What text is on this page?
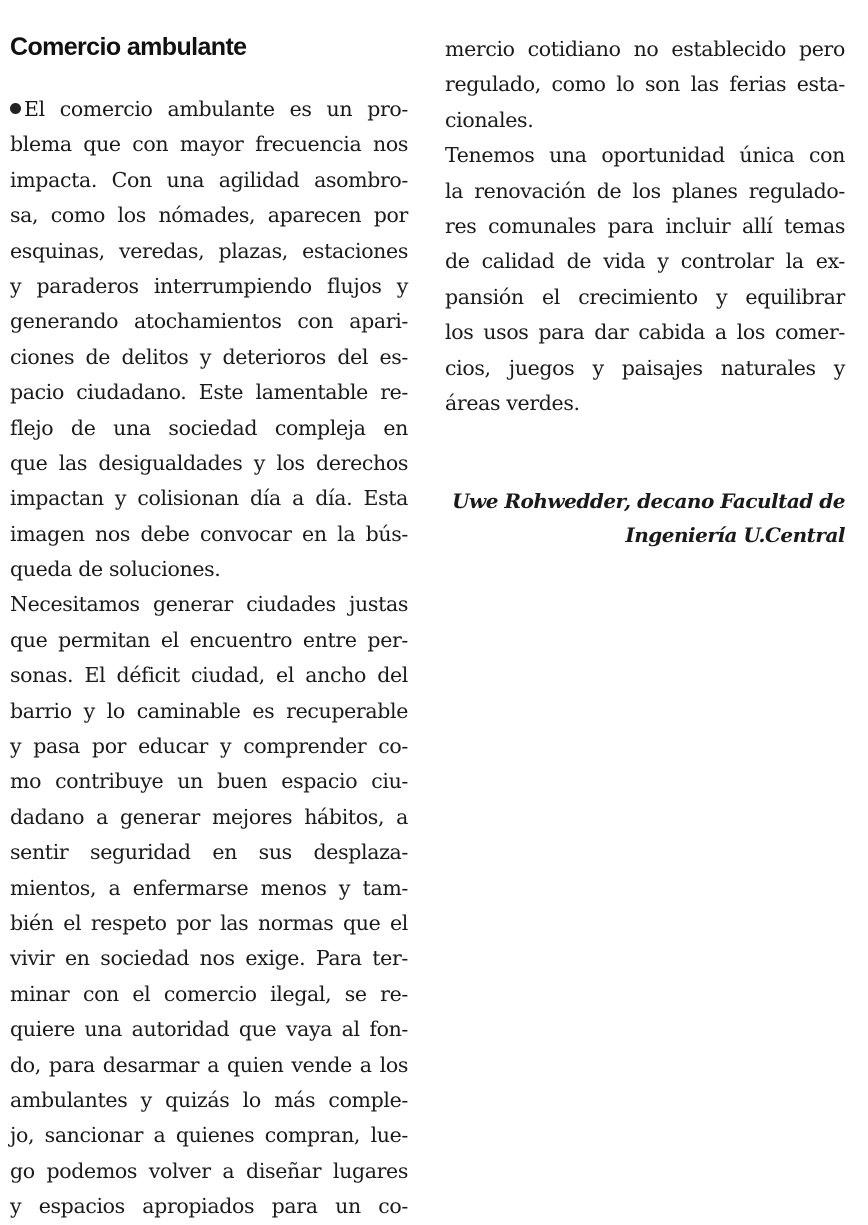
Comercio ambulante
El comercio ambulante es un pro-
blema que con mayor frecuencia nos
impacta. Con una agilidad asombro-
sa, como los nómades, aparecen por
esquinas, veredas, plazas, estaciones
y paraderos interrumpiendo flujos y
generando atochamientos con apari-
ciones de delitos y deterioros del es-
pacio ciudadano. Este lamentable re-
flejo de una sociedad compleja en
que las desigualdades y los derechos
impactan y colisionan día a día. Esta
imagen nos debe convocar en la bús-
queda de soluciones.
Necesitamos generar ciudades justas
que permitan el encuentro entre per-
sonas. El déficit ciudad, el ancho del
barrio y lo caminable es recuperable
y pasa por educar y comprender co-
mo contribuye un buen espacio ciu-
dadano a generar mejores hábitos, a
sentir seguridad en sus desplaza-
mientos, a enfermarse menos y tam-
bién el respeto por las normas que el
vivir en sociedad nos exige. Para ter-
minar con el comercio ilegal, se re-
quiere una autoridad que vaya al fon-
do, para desarmar a quien vende a los
ambulantes y quizás lo más comple-
jo, sancionar a quienes compran, lue-
go podemos volver a diseñar lugares
y espacios apropiados para un co-
mercio cotidiano no establecido pero
regulado, como lo son las ferias esta-
cionales.
Tenemos una oportunidad única con
la renovación de los planes regulado-
res comunales para incluir allí temas
de calidad de vida y controlar la ex-
pansión el crecimiento y equilibrar
los usos para dar cabida a los comer-
cios, juegos y paisajes naturales y
áreas verdes.
Uwe Rohwedder, decano Facultad de
Ingeniería U.Central
